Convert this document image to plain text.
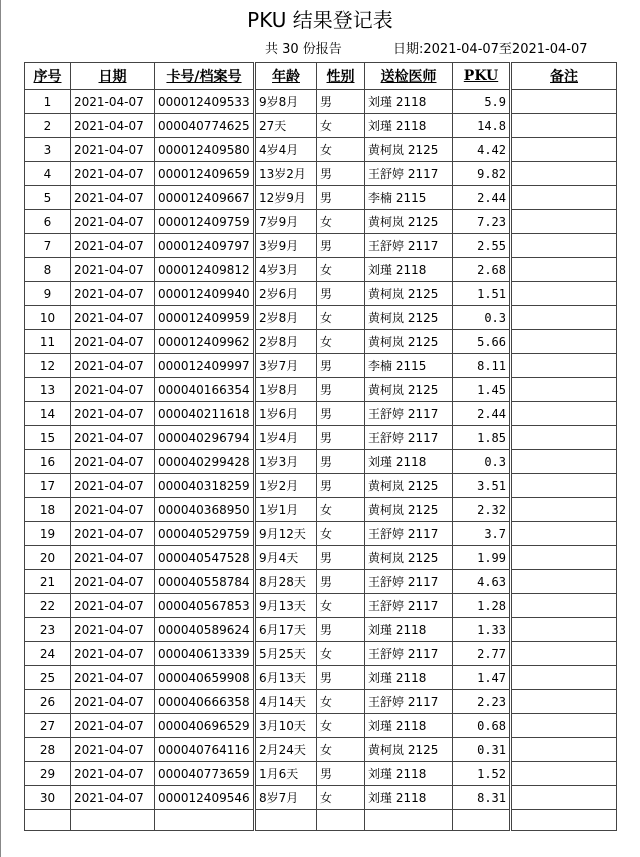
PKU 结果登记表
共 30 份报告	日期:2021-04-07至2021-04-07
序号	日期	卡号/档案号	年龄	性别	送检医师	PKU	备注
1	2021-04-07	000012409533	9岁8月	男	刘瑾 2118	5.9	
2	2021-04-07	000040774625	27天	女	刘瑾 2118	14.8	
3	2021-04-07	000012409580	4岁4月	女	黄柯岚 2125	4.42	
4	2021-04-07	000012409659	13岁2月	男	王舒婷 2117	9.82	
5	2021-04-07	000012409667	12岁9月	男	李楠 2115	2.44	
6	2021-04-07	000012409759	7岁9月	女	黄柯岚 2125	7.23	
7	2021-04-07	000012409797	3岁9月	男	王舒婷 2117	2.55	
8	2021-04-07	000012409812	4岁3月	女	刘瑾 2118	2.68	
9	2021-04-07	000012409940	2岁6月	男	黄柯岚 2125	1.51	
10	2021-04-07	000012409959	2岁8月	女	黄柯岚 2125	0.3	
11	2021-04-07	000012409962	2岁8月	女	黄柯岚 2125	5.66	
12	2021-04-07	000012409997	3岁7月	男	李楠 2115	8.11	
13	2021-04-07	000040166354	1岁8月	男	黄柯岚 2125	1.45	
14	2021-04-07	000040211618	1岁6月	男	王舒婷 2117	2.44	
15	2021-04-07	000040296794	1岁4月	男	王舒婷 2117	1.85	
16	2021-04-07	000040299428	1岁3月	男	刘瑾 2118	0.3	
17	2021-04-07	000040318259	1岁2月	男	黄柯岚 2125	3.51	
18	2021-04-07	000040368950	1岁1月	女	黄柯岚 2125	2.32	
19	2021-04-07	000040529759	9月12天	女	王舒婷 2117	3.7	
20	2021-04-07	000040547528	9月4天	男	黄柯岚 2125	1.99	
21	2021-04-07	000040558784	8月28天	男	王舒婷 2117	4.63	
22	2021-04-07	000040567853	9月13天	女	王舒婷 2117	1.28	
23	2021-04-07	000040589624	6月17天	男	刘瑾 2118	1.33	
24	2021-04-07	000040613339	5月25天	女	王舒婷 2117	2.77	
25	2021-04-07	000040659908	6月13天	男	刘瑾 2118	1.47	
26	2021-04-07	000040666358	4月14天	女	王舒婷 2117	2.23	
27	2021-04-07	000040696529	3月10天	女	刘瑾 2118	0.68	
28	2021-04-07	000040764116	2月24天	女	黄柯岚 2125	0.31	
29	2021-04-07	000040773659	1月6天	男	刘瑾 2118	1.52	
30	2021-04-07	000012409546	8岁7月	女	刘瑾 2118	8.31	
